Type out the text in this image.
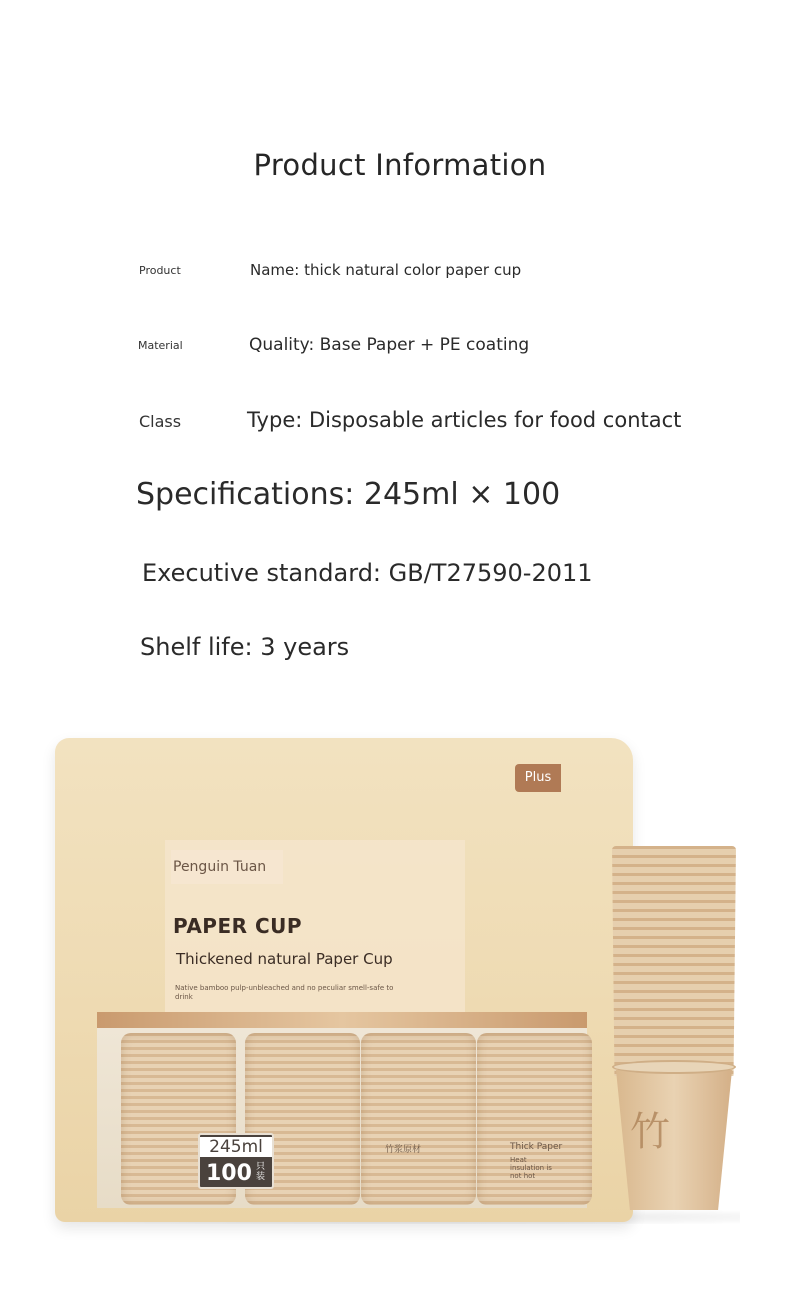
Product Information
Product	Name: thick natural color paper cup
Material	Quality: Base Paper + PE coating
Class	Type: Disposable articles for food contact
Specifications: 245ml × 100
Executive standard: GB/T27590-2011
Shelf life: 3 years
Plus
Penguin Tuan
PAPER CUP
Thickened natural Paper Cup
Native bamboo pulp-unbleached and no peculiar smell-safe to drink
245ml
100 只装
竹浆原材	Thick Paper
Heat insulation is not hot
竹
